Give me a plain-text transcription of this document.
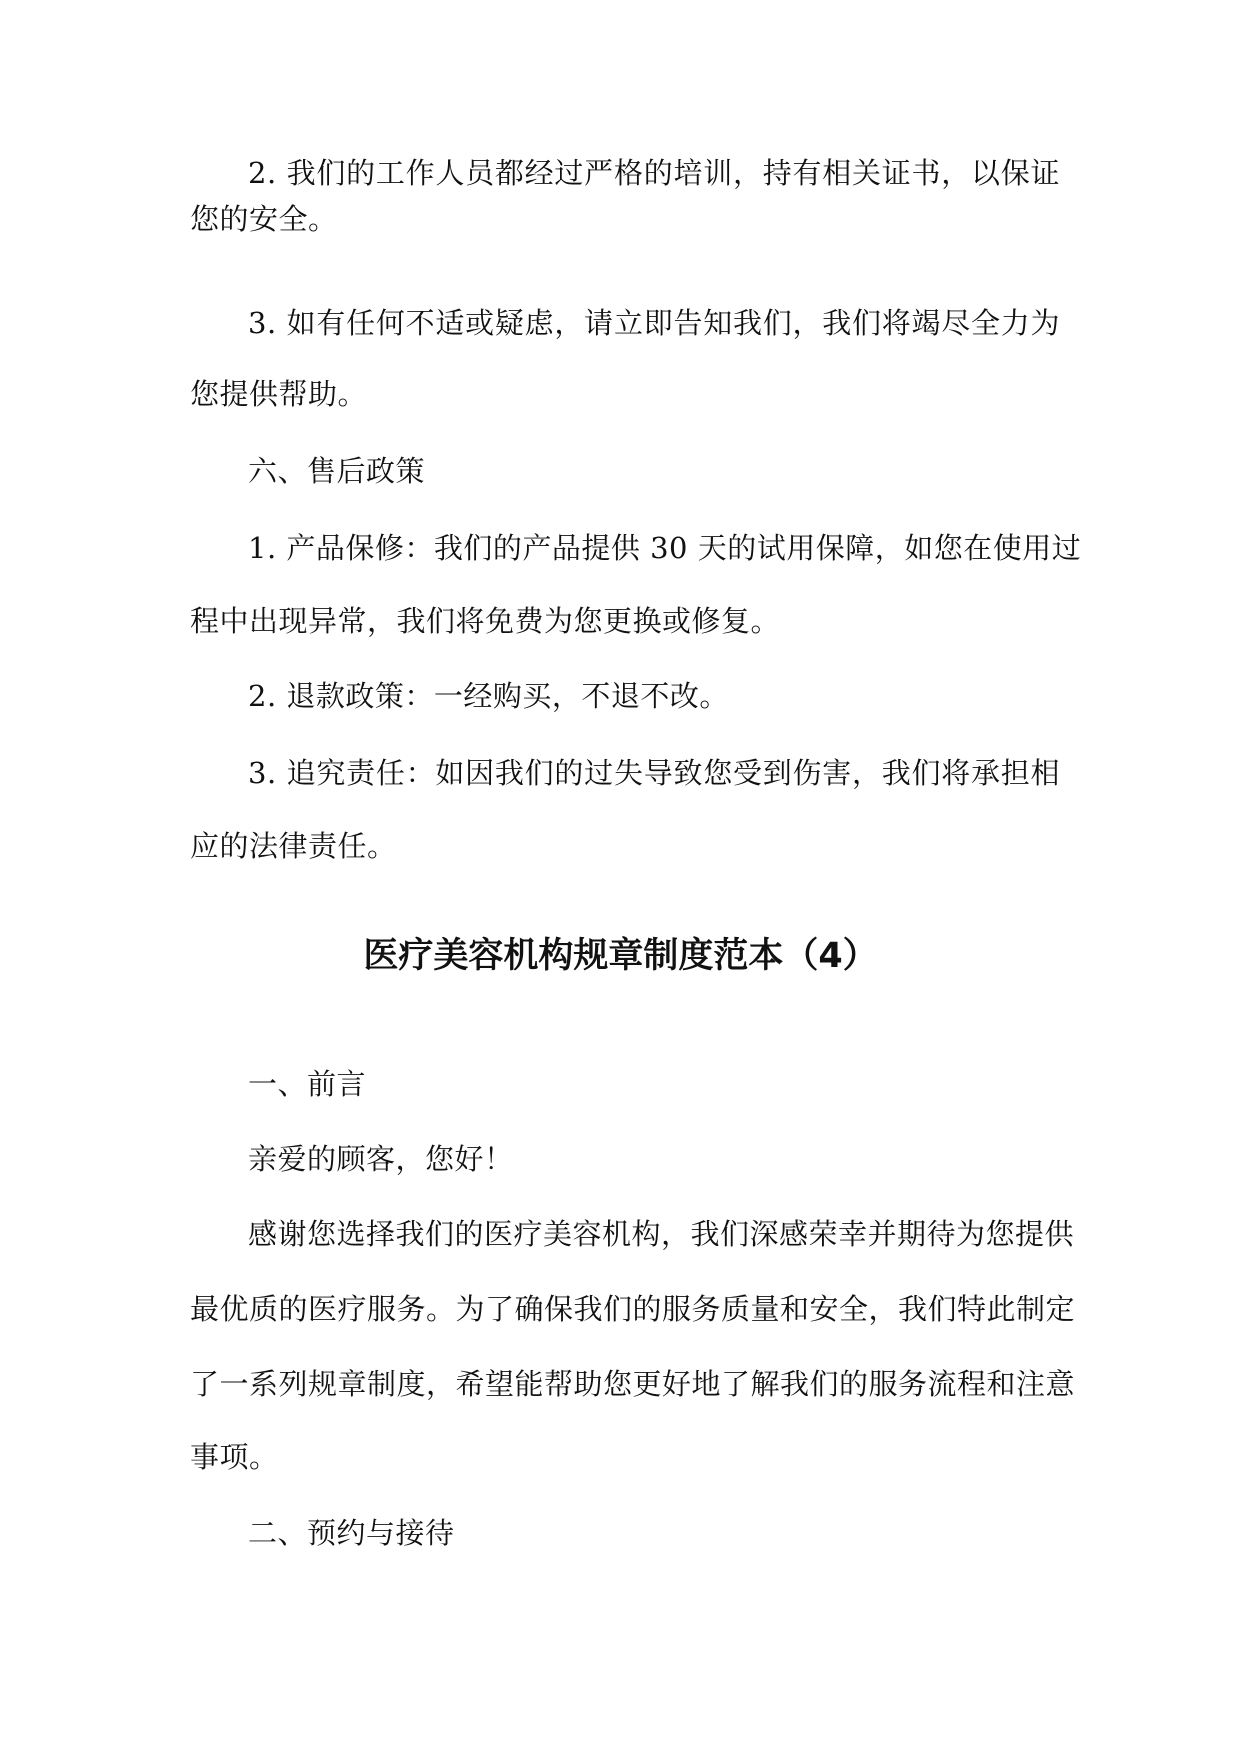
2. 我们的工作人员都经过严格的培训，持有相关证书，以保证
您的安全。
3. 如有任何不适或疑虑，请立即告知我们，我们将竭尽全力为
您提供帮助。
六、售后政策
1. 产品保修：我们的产品提供 30 天的试用保障，如您在使用过
程中出现异常，我们将免费为您更换或修复。
2. 退款政策：一经购买，不退不改。
3. 追究责任：如因我们的过失导致您受到伤害，我们将承担相
应的法律责任。
医疗美容机构规章制度范本（4）
一、前言
亲爱的顾客，您好！
感谢您选择我们的医疗美容机构，我们深感荣幸并期待为您提供
最优质的医疗服务。为了确保我们的服务质量和安全，我们特此制定
了一系列规章制度，希望能帮助您更好地了解我们的服务流程和注意
事项。
二、预约与接待
